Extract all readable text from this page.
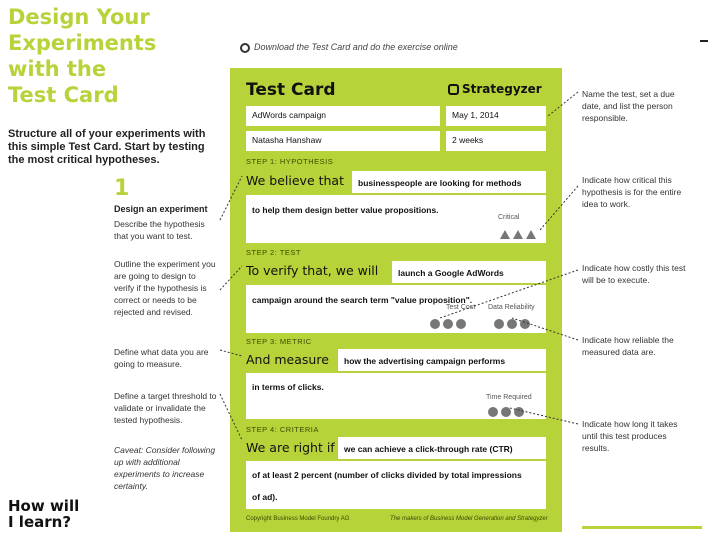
Design Your
Experiments
with the
Test Card
Structure all of your experiments with this simple Test Card. Start by testing the most critical hypotheses.
1
Design an experiment
Describe the hypothesis that you want to test.
Outline the experiment you are going to design to verify if the hypothesis is correct or needs to be rejected and revised.
Define what data you are going to measure.
Define a target threshold to validate or invalidate the tested hypothesis.
Caveat: Consider following up with additional experiments to increase certainty.
How will
I learn?
Download the Test Card and do the exercise online
Test Card	Strategyzer
AdWords campaign	May 1, 2014
Natasha Hanshaw	2 weeks
STEP 1: HYPOTHESIS
We believe that businesspeople are looking for methods
to help them design better value propositions.
Critical
STEP 2: TEST
To verify that, we will launch a Google AdWords
campaign around the search term "value proposition".
Test Cost Data Reliability
STEP 3: METRIC
And measure how the advertising campaign performs
in terms of clicks.
Time Required
STEP 4: CRITERIA
We are right if we can achieve a click-through rate (CTR)
of at least 2 percent (number of clicks divided by total impressions
of ad).
Copyright Business Model Foundry AG	The makers of Business Model Generation and Strategyzer
Name the test, set a due date, and list the person responsible.
Indicate how critical this hypothesis is for the entire idea to work.
Indicate how costly this test will be to execute.
Indicate how reliable the measured data are.
Indicate how long it takes until this test produces results.
